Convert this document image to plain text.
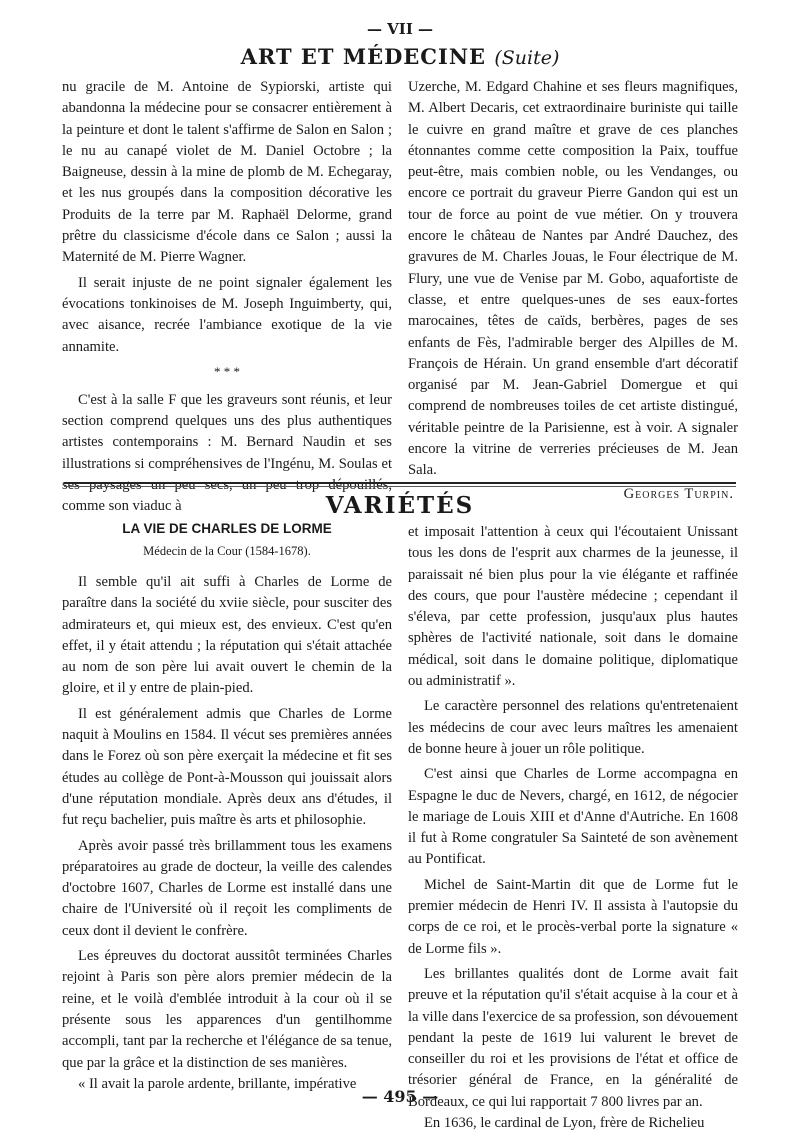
— VII —
ART ET MÉDECINE (Suite)

nu gracile de M. Antoine de Sypiorski, artiste qui abandonna la médecine pour se consacrer entièrement à la peinture et dont le talent s'affirme de Salon en Salon ; le nu au canapé violet de M. Daniel Octobre ; la Baigneuse, dessin à la mine de plomb de M. Echegaray, et les nus groupés dans la composition décorative les Produits de la terre par M. Raphaël Delorme, grand prêtre du classicisme d'école dans ce Salon ; aussi la Maternité de M. Pierre Wagner.

Il serait injuste de ne point signaler également les évocations tonkinoises de M. Joseph Inguimberty, qui, avec aisance, recrée l'ambiance exotique de la vie annamite.

* * *

C'est à la salle F que les graveurs sont réunis, et leur section comprend quelques uns des plus authentiques artistes contemporains : M. Bernard Naudin et ses illustrations si compréhensives de l'Ingénu, M. Soulas et ses paysages un peu secs, un peu trop dépouillés, comme son viaduc à

Uzerche, M. Edgard Chahine et ses fleurs magnifiques, M. Albert Decaris, cet extraordinaire buriniste qui taille le cuivre en grand maître et grave de ces planches étonnantes comme cette composition la Paix, touffue peut-être, mais combien noble, ou les Vendanges, ou encore ce portrait du graveur Pierre Gandon qui est un tour de force au point de vue métier. On y trouvera encore le château de Nantes par André Dauchez, des gravures de M. Charles Jouas, le Four électrique de M. Flury, une vue de Venise par M. Gobo, aquafortiste de classe, et entre quelques-unes de ses eaux-fortes marocaines, têtes de caïds, berbères, pages de ses enfants de Fès, l'admirable berger des Alpilles de M. François de Hérain. Un grand ensemble d'art décoratif organisé par M. Jean-Gabriel Domergue et qui comprend de nombreuses toiles de cet artiste distingué, véritable peintre de la Parisienne, est à voir. A signaler encore la vitrine de verreries précieuses de M. Jean Sala.

Georges Turpin.
VARIÉTÉS
LA VIE DE CHARLES DE LORME
Médecin de la Cour (1584-1678).

Il semble qu'il ait suffi à Charles de Lorme de paraître dans la société du xviie siècle, pour susciter des admirateurs et, qui mieux est, des envieux. C'est qu'en effet, il y était attendu ; la réputation qui s'était attachée au nom de son père lui avait ouvert le chemin de la gloire, et il y entre de plain-pied.

Il est généralement admis que Charles de Lorme naquit à Moulins en 1584. Il vécut ses premières années dans le Forez où son père exerçait la médecine et fit ses études au collège de Pont-à-Mousson qui jouissait alors d'une réputation mondiale. Après deux ans d'études, il fut reçu bachelier, puis maître ès arts et philosophie.

Après avoir passé très brillamment tous les examens préparatoires au grade de docteur, la veille des calendes d'octobre 1607, Charles de Lorme est installé dans une chaire de l'Université où il reçoit les compliments de ceux dont il devient le confrère.

Les épreuves du doctorat aussitôt terminées Charles rejoint à Paris son père alors premier médecin de la reine, et le voilà d'emblée introduit à la cour où il se présente sous les apparences d'un gentilhomme accompli, tant par la recherche et l'élégance de sa tenue, que par la grâce et la distinction de ses manières.

« Il avait la parole ardente, brillante, impérative

et imposait l'attention à ceux qui l'écoutaient Unissant tous les dons de l'esprit aux charmes de la jeunesse, il paraissait né bien plus pour la vie élégante et raffinée des cours, que pour l'austère médecine ; cependant il s'éleva, par cette profession, jusqu'aux plus hautes sphères de l'activité nationale, soit dans le domaine médical, soit dans le domaine politique, diplomatique ou administratif ».

Le caractère personnel des relations qu'entretenaient les médecins de cour avec leurs maîtres les amenaient de bonne heure à jouer un rôle politique.

C'est ainsi que Charles de Lorme accompagna en Espagne le duc de Nevers, chargé, en 1612, de négocier le mariage de Louis XIII et d'Anne d'Autriche. En 1608 il fut à Rome congratuler Sa Sainteté de son avènement au Pontificat.

Michel de Saint-Martin dit que de Lorme fut le premier médecin de Henri IV. Il assista à l'autopsie du corps de ce roi, et le procès-verbal porte la signature « de Lorme fils ».

Les brillantes qualités dont de Lorme avait fait preuve et la réputation qu'il s'était acquise à la cour et à la ville dans l'exercice de sa profession, son dévouement pendant la peste de 1619 lui valurent le brevet de conseiller du roi et les provisions de l'état et office de trésorier général de France, en la généralité de Bordeaux, ce qui lui rapportait 7 800 livres par an.

En 1636, le cardinal de Lyon, frère de Richelieu

— 495 —
